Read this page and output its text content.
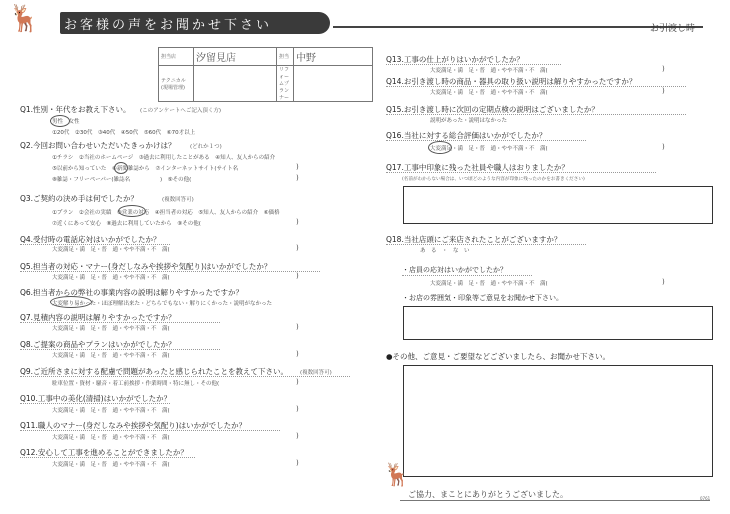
🦌 お客様の声をお聞かせ下さい	お引渡し時
担当店	汐留見店	担当	中野
テクニカル(現場管理)		リフォームプランナー	
Q1.性別・年代をお教え下さい。 (このアンケートへご記入頂く方)
男性　女性
①20代　②30代　③40代　④50代　⑤60代　⑥70才以上
Q2.今回お問い合わせいただいたきっかけは？	(どれか１つ)
①チラシ　②当社のホームページ　③過去に利用したことがある　④知人、友人からの紹介
⑤以前から知っていた　⑥新聞雑誌から　⑦インターネットサイト(サイト名	)
⑧雑誌・フリーペーパー(雑誌名	)　⑨その他(	)
Q3.ご契約の決め手は何でしたか？	(複数回答可)
①プラン　②会社の実績　③営業の対応　④担当者の対応　⑤知人、友人からの紹介　⑥価格
⑦近くにあって安心　⑧過去に利用していたから　⑨その他(	)
Q4.受付時の電話応対はいかがでしたか？
大変満足・満　足・普　通・やや不満・不　満(	)
Q5.担当者の対応・マナー(身だしなみや挨拶や気配り)はいかがでしたか？
大変満足・満　足・普　通・やや不満・不　満(	)
Q6.担当者からの弊社の事業内容の説明は解りやすかったですか？
大変解り易かった・ほぼ理解出来た・どちらでもない・解りにくかった・説明がなかった
Q7.見積内容の説明は解りやすかったですか？
大変満足・満　足・普　通・やや不満・不　満(	)
Q8.ご提案の商品やプランはいかがでしたか？
大変満足・満　足・普　通・やや不満・不　満(	)
Q9.ご近所さまに対する配慮で問題があったと感じられたことを教えて下さい。 (複数回答可)
駐車位置・資材・騒音・着工前挨拶・作業時間・特に無し・その他(	)
Q10.工事中の美化(清掃)はいかがでしたか？
大変満足・満　足・普　通・やや不満・不　満(	)
Q11.職人のマナー(身だしなみや挨拶や気配り)はいかがでしたか？
大変満足・満　足・普　通・やや不満・不　満(	)
Q12.安心して工事を進めることができましたか？
大変満足・満　足・普　通・やや不満・不　満(	)
Q13.工事の仕上がりはいかがでしたか？
大変満足・満　足・普　通・やや不満・不　満(	)
Q14.お引き渡し時の商品・器具の取り扱い説明は解りやすかったですか？
大変満足・満　足・普　通・やや不満・不　満(	)
Q15.お引き渡し時に次回の定期点検の説明はございましたか？
説明があった・説明はなかった
Q16.当社に対する総合評価はいかがでしたか？
大変満足・満　足・普　通・やや不満・不　満(	)
Q17.工事中印象に残った社員や職人はおりましたか？
(名前がわからない場合は、いつ頃どのような内容が印象に残ったのかをお書きください)
Q18.当社店頭にご来店されたことがございますか？
あ　る　・　な　い
・店員の応対はいかがでしたか？
大変満足・満　足・普　通・やや不満・不　満(	)
・お店の雰囲気・印象等ご意見をお聞かせ下さい。
●その他、ご意見・ご要望などございましたら、お聞かせ下さい。
🦌
ご協力、まことにありがとうございました。	0761
